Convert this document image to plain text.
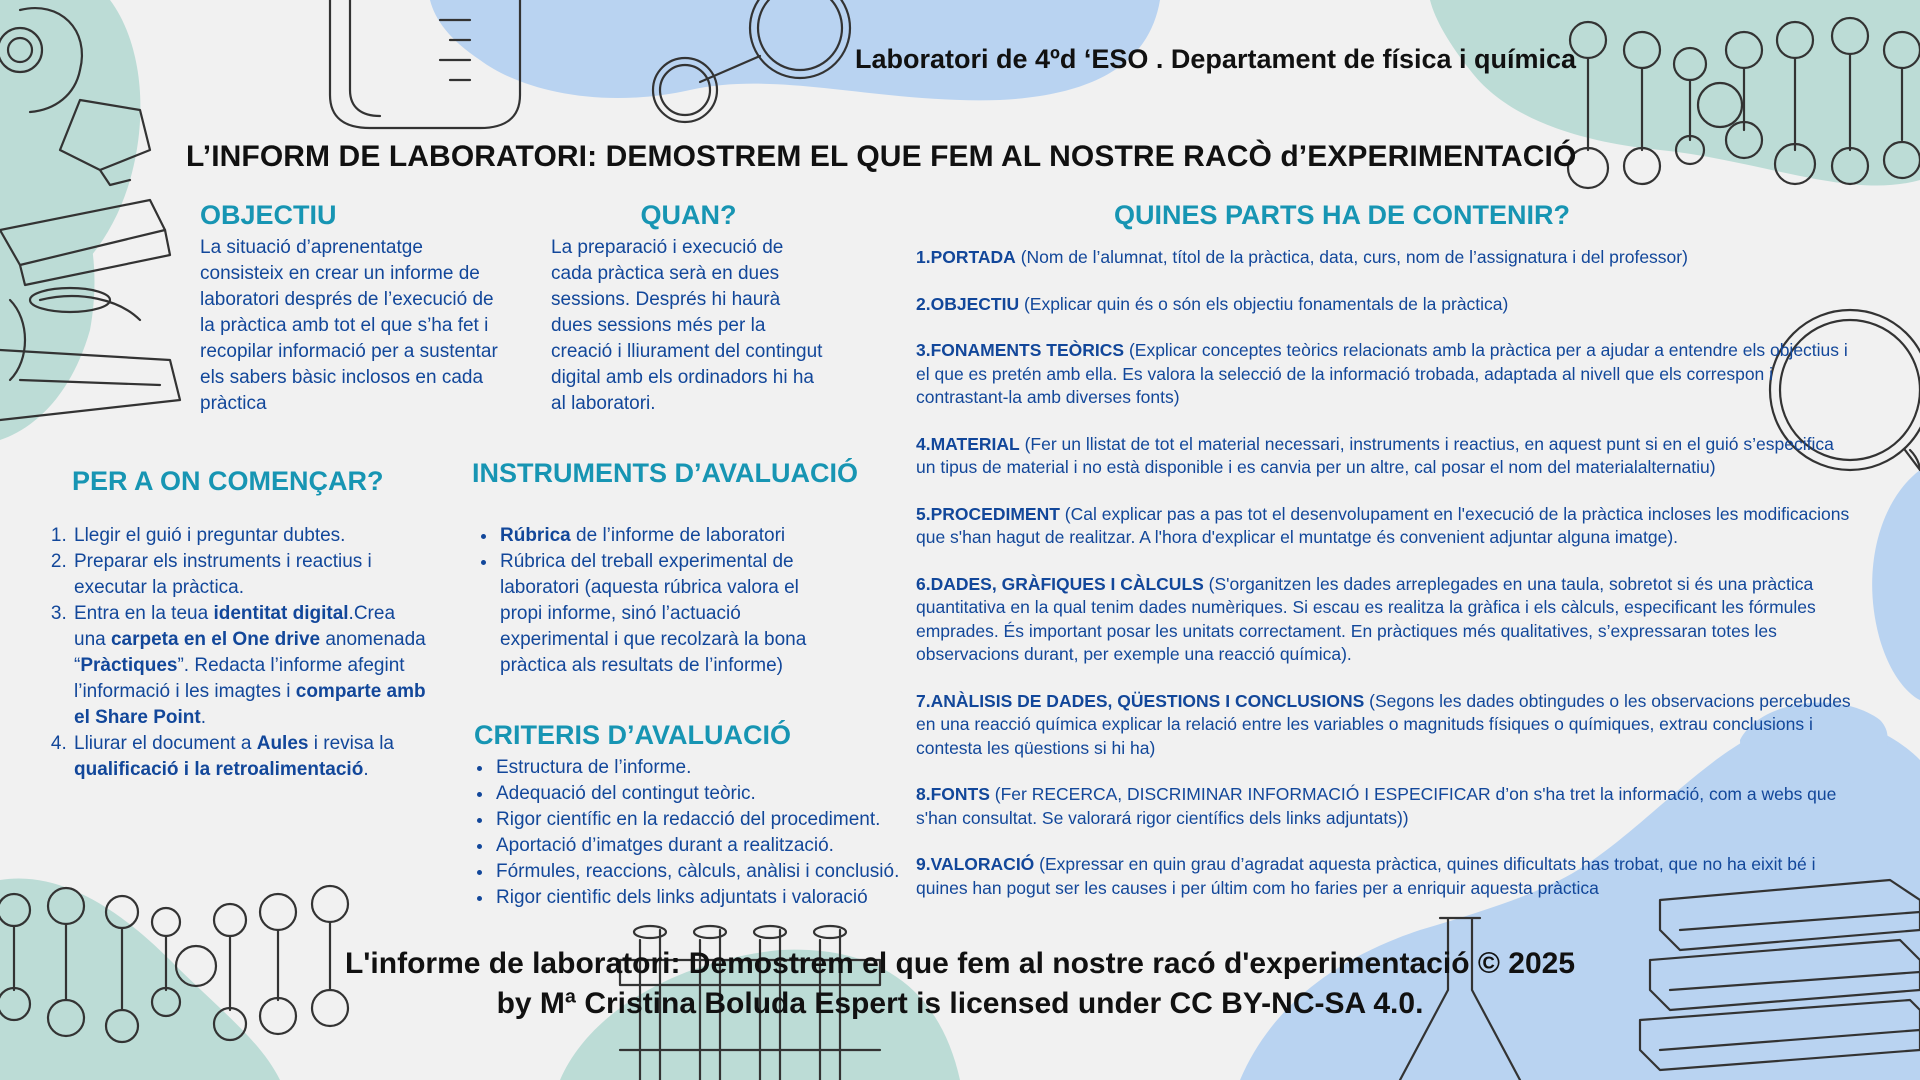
Laboratori de 4ºd ‘ESO . Departament de física i química
L’INFORM DE LABORATORI: DEMOSTREM EL QUE FEM AL NOSTRE RACÒ d’EXPERIMENTACIÓ
OBJECTIU

La situació d’aprenentatge consisteix en crear un informe de laboratori després de l’execució de la pràctica amb tot el que s’ha fet i recopilar informació per a sustentar els sabers bàsic inclosos en cada pràctica

QUAN?

La preparació i execució de cada pràctica serà en dues sessions. Després hi haurà dues sessions més per la creació i lliurament del contingut digital amb els ordinadors hi ha al laboratori.

PER A ON COMENÇAR?
1. Llegir el guió i preguntar dubtes.
2. Preparar els instruments i reactius i executar la pràctica.
3. Entra en la teua identitat digital.Crea una carpeta en el One drive anomenada “Pràctiques”. Redacta l’informe afegint l’informació i les imagtes i comparte amb el Share Point.
4. Lliurar el document a Aules i revisa la qualificació i la retroalimentació.
INSTRUMENTS D’AVALUACIÓ
• Rúbrica de l’informe de laboratori
• Rúbrica del treball experimental de laboratori (aquesta rúbrica valora el propi informe, sinó l’actuació experimental i que recolzarà la bona pràctica als resultats de l’informe)
CRITERIS D’AVALUACIÓ
• Estructura de l’informe.
• Adequació del contingut teòric.
• Rigor científic en la redacció del procediment.
• Aportació d’imatges durant a realització.
• Fórmules, reaccions, càlculs, anàlisi i conclusió.
• Rigor cientìfic dels links adjuntats i valoració
QUINES PARTS HA DE CONTENIR?
1.PORTADA (Nom de l’alumnat, títol de la pràctica, data, curs, nom de l’assignatura i del professor)
2.OBJECTIU (Explicar quin és o són els objectiu fonamentals de la pràctica)
3.FONAMENTS TEÒRICS (Explicar conceptes teòrics relacionats amb la pràctica per a ajudar a entendre els objectius i el que es pretén amb ella. Es valora la selecció de la informació trobada, adaptada al nivell que els correspon i contrastant-la amb diverses fonts)
4.MATERIAL (Fer un llistat de tot el material necessari, instruments i reactius, en aquest punt si en el guió s’especifica un tipus de material i no està disponible i es canvia per un altre, cal posar el nom del materialalternatiu)
5.PROCEDIMENT (Cal explicar pas a pas tot el desenvolupament en l'execució de la pràctica incloses les modificacions que s'han hagut de realitzar. A l'hora d'explicar el muntatge és convenient adjuntar alguna imatge).
6.DADES, GRÀFIQUES I CÀLCULS (S'organitzen les dades arreplegades en una taula, sobretot si és una pràctica quantitativa en la qual tenim dades numèriques. Si escau es realitza la gràfica i els càlculs, especificant les fórmules emprades. És important posar les unitats correctament. En pràctiques més qualitatives, s’expressaran totes les observacions durant, per exemple una reacció química).
7.ANÀLISIS DE DADES, QÜESTIONS I CONCLUSIONS (Segons les dades obtingudes o les observacions percebudes en una reacció química explicar la relació entre les variables o magnituds físiques o químiques, extrau conclusions i contesta les qüestions si hi ha)
8.FONTS (Fer RECERCA, DISCRIMINAR INFORMACIÓ I ESPECIFICAR d’on s'ha tret la informació, com a webs que s'han consultat. Se valorará rigor científics dels links adjuntats))
9.VALORACIÓ (Expressar en quin grau d’agradat aquesta pràctica, quines dificultats has trobat, que no ha eixit bé i quines han pogut ser les causes i per últim com ho faries per a enriquir aquesta pràctica
L'informe de laboratori: Demostrem el que fem al nostre racó d'experimentació © 2025
by Mª Cristina Boluda Espert is licensed under CC BY-NC-SA 4.0.
